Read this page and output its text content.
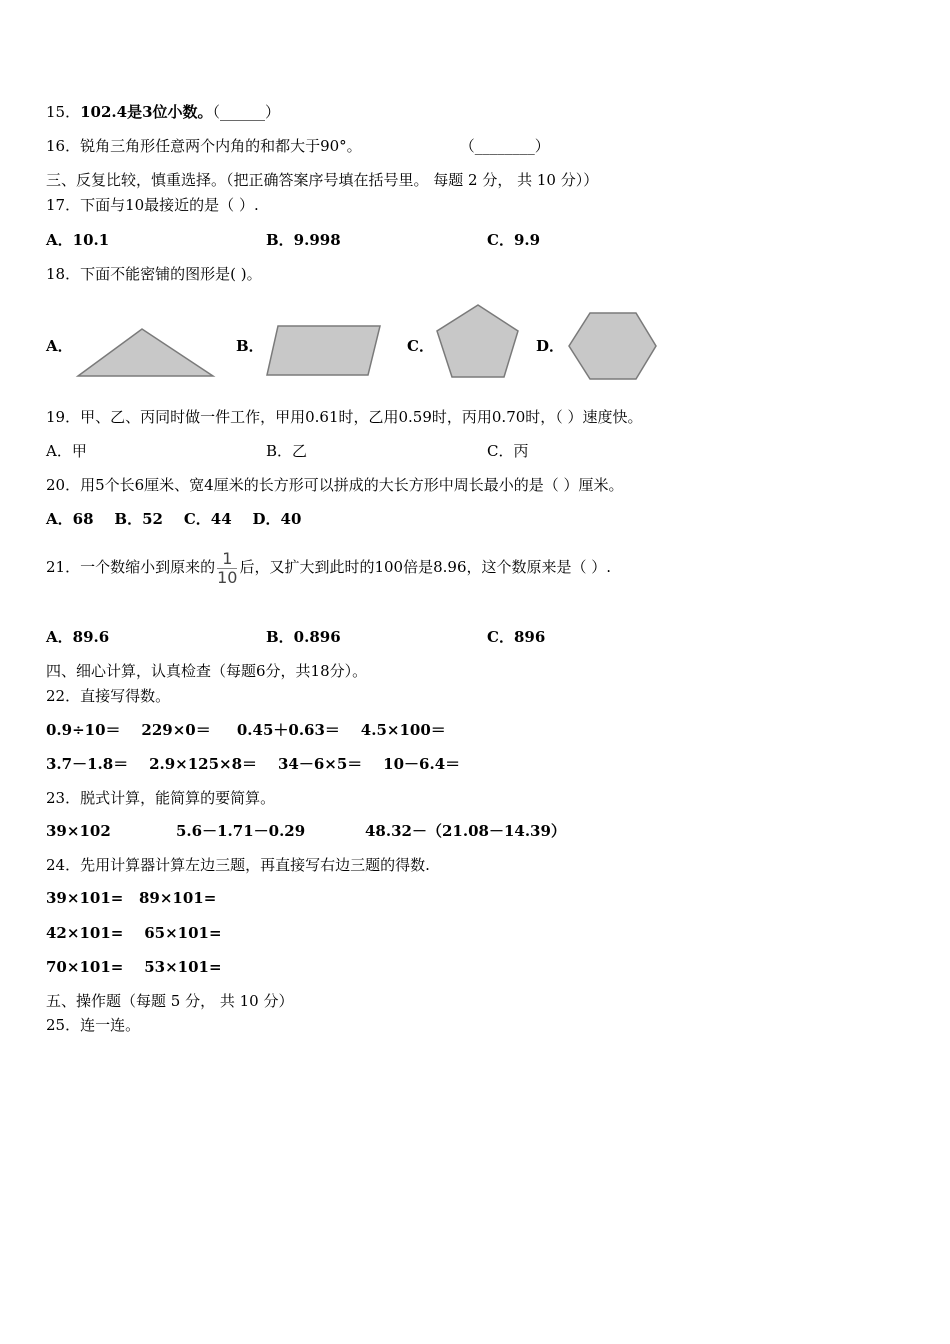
15．102.4是3位小数。（______）
16．锐角三角形任意两个内角的和都大于90°。	（________）
三、反复比较，慎重选择。（把正确答案序号填在括号里。 每题 2 分， 共 10 分））
17．下面与10最接近的是（ ）.
A．10.1	B．9.998	C．9.9
18．下面不能密铺的图形是( )。
A．	B．	C．	D．
19．甲、乙、丙同时做一件工作，甲用0.61时，乙用0.59时，丙用0.70时，（ ）速度快。
A．甲	B．乙	C．丙
20．用5个长6厘米、宽4厘米的长方形可以拼成的大长方形中周长最小的是（ ）厘米。
A．68    B．52    C．44    D．40
21．一个数缩小到原来的 $\frac{1}{10}$ 后，又扩大到此时的100倍是8.96，这个数原来是（ ）.
A．89.6	B．0.896	C．896
四、细心计算，认真检查（每题6分，共18分）。
22．直接写得数。
0.9÷10＝    229×0＝     0.45＋0.63＝    4.5×100＝
3.7－1.8＝    2.9×125×8＝    34－6×5＝    10－6.4＝
23．脱式计算，能简算的要简算。
39×102	5.6－1.71－0.29	48.32－（21.08－14.39）
24．先用计算器计算左边三题，再直接写右边三题的得数.
39×101=   89×101=
42×101=    65×101=
70×101=    53×101=
五、操作题（每题 5 分， 共 10 分）
25．连一连。
